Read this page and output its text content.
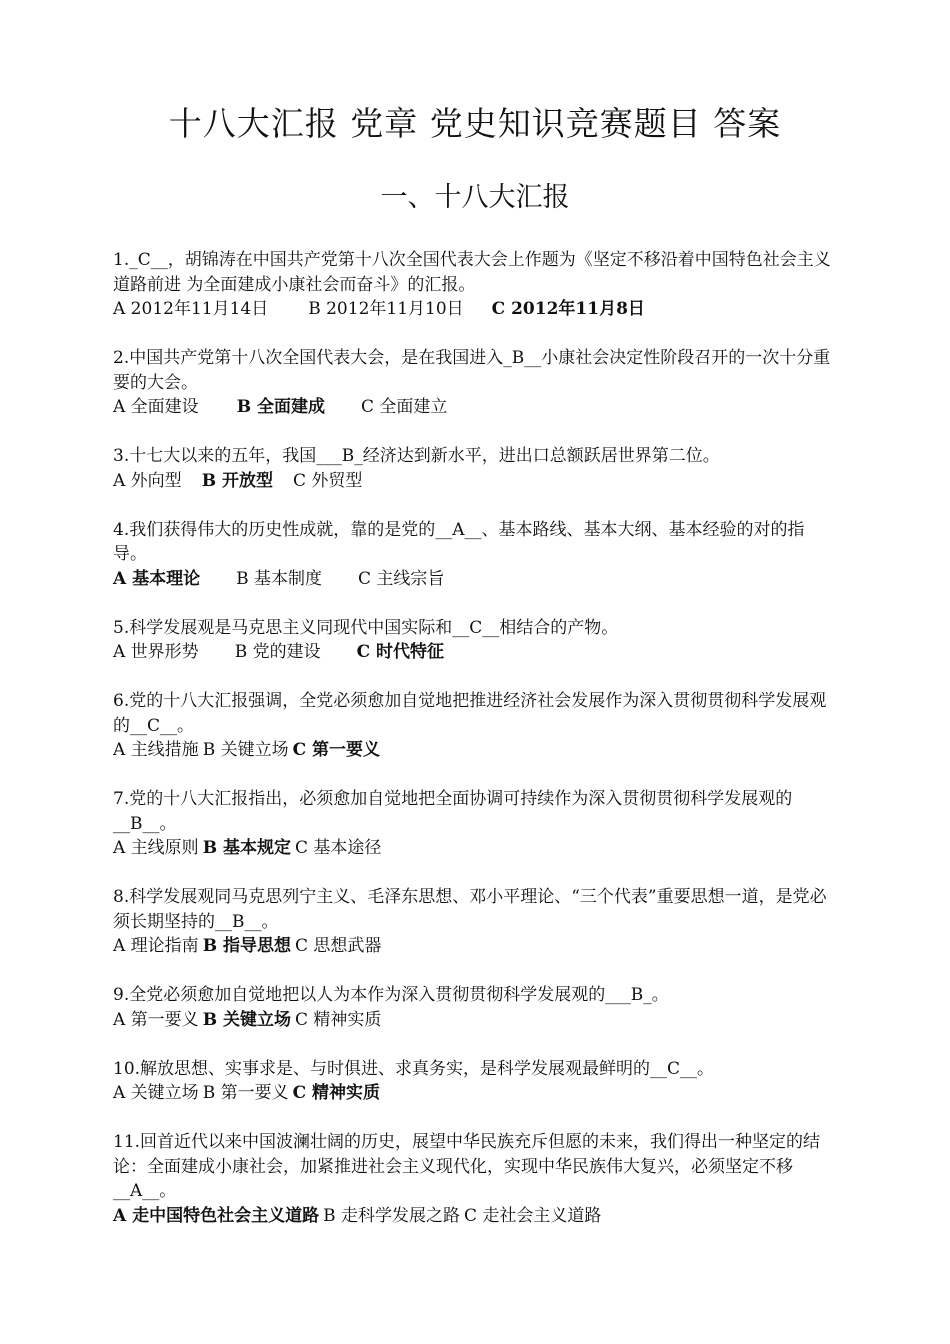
十八大汇报 党章 党史知识竞赛题目 答案
一、十八大汇报
1._C__，胡锦涛在中国共产党第十八次全国代表大会上作题为《坚定不移沿着中国特色社会主义道路前进 为全面建成小康社会而奋斗》的汇报。
A 2012年11月14日 B 2012年11月10日 C 2012年11月8日
2.中国共产党第十八次全国代表大会，是在我国进入_B__小康社会决定性阶段召开的一次十分重要的大会。
A 全面建设 B 全面建成 C 全面建立
3.十七大以来的五年，我国___B_经济达到新水平，进出口总额跃居世界第二位。
A 外向型 B 开放型 C 外贸型
4.我们获得伟大的历史性成就，靠的是党的__A__、基本路线、基本大纲、基本经验的对的指导。
A 基本理论 B 基本制度 C 主线宗旨
5.科学发展观是马克思主义同现代中国实际和__C__相结合的产物。
A 世界形势 B 党的建设 C 时代特征
6.党的十八大汇报强调，全党必须愈加自觉地把推进经济社会发展作为深入贯彻贯彻科学发展观的__C__。
A 主线措施 B 关键立场 C 第一要义
7.党的十八大汇报指出，必须愈加自觉地把全面协调可持续作为深入贯彻贯彻科学发展观的__B__。
A 主线原则 B 基本规定 C 基本途径
8.科学发展观同马克思列宁主义、毛泽东思想、邓小平理论、“三个代表”重要思想一道，是党必须长期坚持的__B__。
A 理论指南 B 指导思想 C 思想武器
9.全党必须愈加自觉地把以人为本作为深入贯彻贯彻科学发展观的___B_。
A 第一要义 B 关键立场 C 精神实质
10.解放思想、实事求是、与时俱进、求真务实，是科学发展观最鲜明的__C__。
A 关键立场 B 第一要义 C 精神实质
11.回首近代以来中国波澜壮阔的历史，展望中华民族充斥但愿的未来，我们得出一种坚定的结论：全面建成小康社会，加紧推进社会主义现代化，实现中华民族伟大复兴，必须坚定不移__A__。
A 走中国特色社会主义道路 B 走科学发展之路 C 走社会主义道路
